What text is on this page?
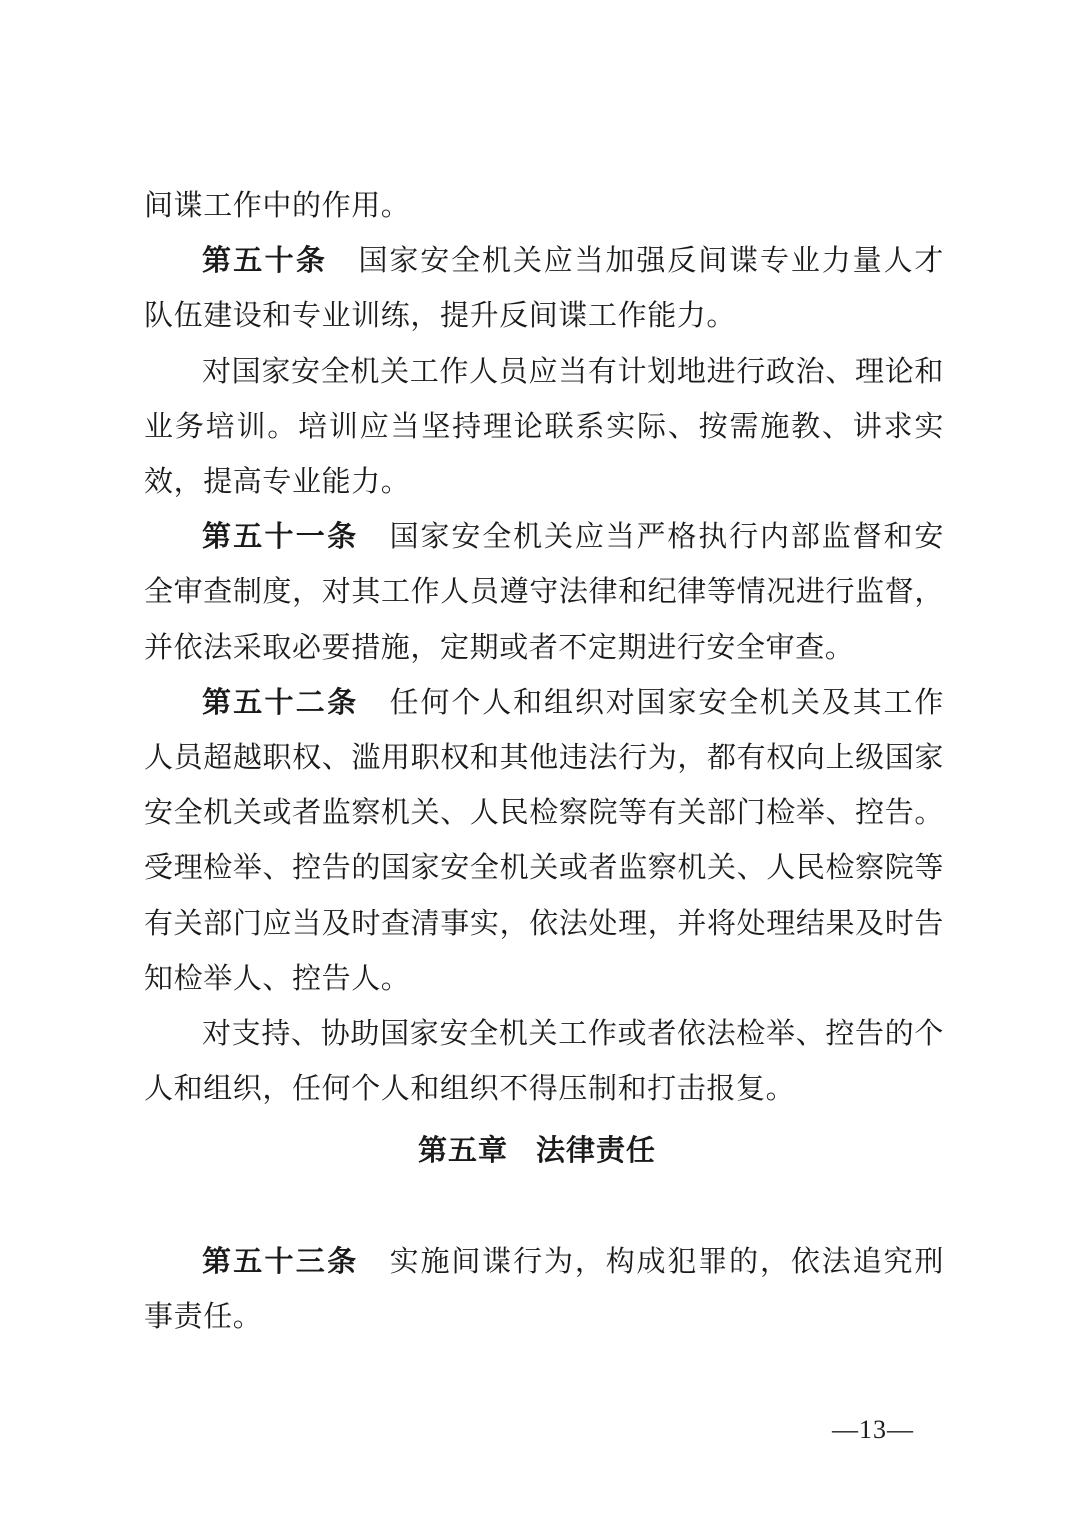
间谍工作中的作用。

第五十条 国家安全机关应当加强反间谍专业力量人才队伍建设和专业训练，提升反间谍工作能力。

对国家安全机关工作人员应当有计划地进行政治、理论和业务培训。培训应当坚持理论联系实际、按需施教、讲求实效，提高专业能力。

第五十一条 国家安全机关应当严格执行内部监督和安全审查制度，对其工作人员遵守法律和纪律等情况进行监督，并依法采取必要措施，定期或者不定期进行安全审查。

第五十二条 任何个人和组织对国家安全机关及其工作人员超越职权、滥用职权和其他违法行为，都有权向上级国家安全机关或者监察机关、人民检察院等有关部门检举、控告。受理检举、控告的国家安全机关或者监察机关、人民检察院等有关部门应当及时查清事实，依法处理，并将处理结果及时告知检举人、控告人。

对支持、协助国家安全机关工作或者依法检举、控告的个人和组织，任何个人和组织不得压制和打击报复。

第五章 法律责任

第五十三条 实施间谍行为，构成犯罪的，依法追究刑事责任。

—13—
